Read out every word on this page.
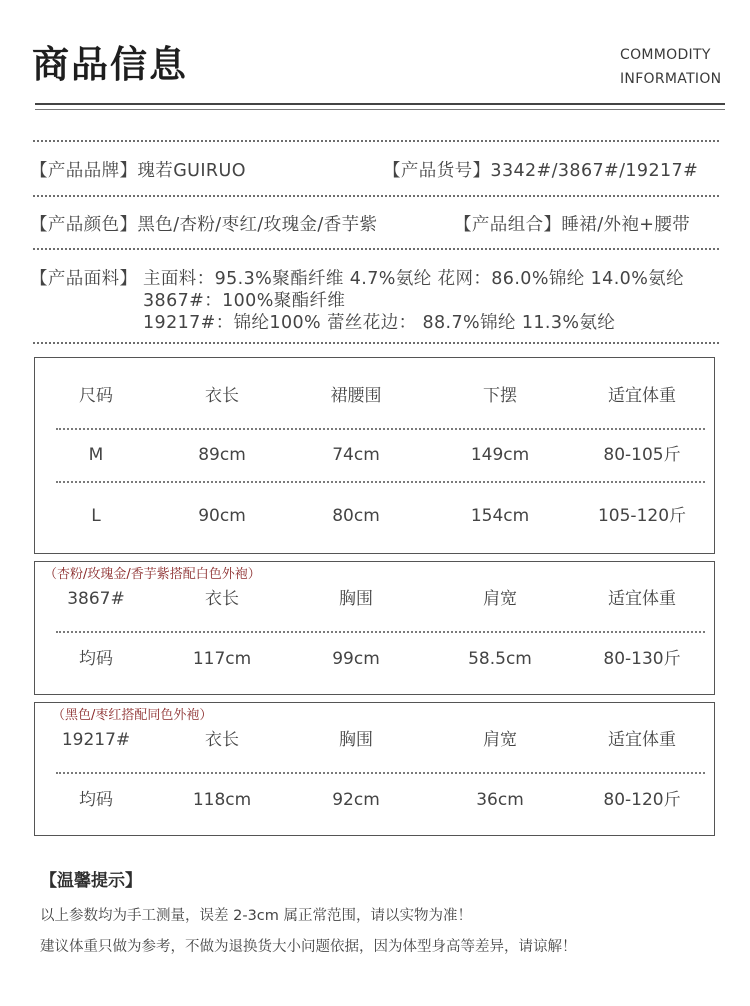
商品信息	COMMODITY
INFORMATION
【产品品牌】瑰若GUIRUO	【产品货号】3342#/3867#/19217#
【产品颜色】黑色/杏粉/枣红/玫瑰金/香芋紫	【产品组合】睡裙/外袍+腰带
【产品面料】 主面料：95.3%聚酯纤维 4.7%氨纶 花网：86.0%锦纶 14.0%氨纶
3867#：100%聚酯纤维
19217#：锦纶100% 蕾丝花边： 88.7%锦纶 11.3%氨纶
尺码	衣长	裙腰围	下摆	适宜体重
M	89cm	74cm	149cm	80-105斤
L	90cm	80cm	154cm	105-120斤
（杏粉/玫瑰金/香芋紫搭配白色外袍）
3867#	衣长	胸围	肩宽	适宜体重
均码	117cm	99cm	58.5cm	80-130斤
（黑色/枣红搭配同色外袍）
19217#	衣长	胸围	肩宽	适宜体重
均码	118cm	92cm	36cm	80-120斤
【温馨提示】
以上参数均为手工测量，误差 2-3cm 属正常范围，请以实物为准！
建议体重只做为参考，不做为退换货大小问题依据，因为体型身高等差异，请谅解！
